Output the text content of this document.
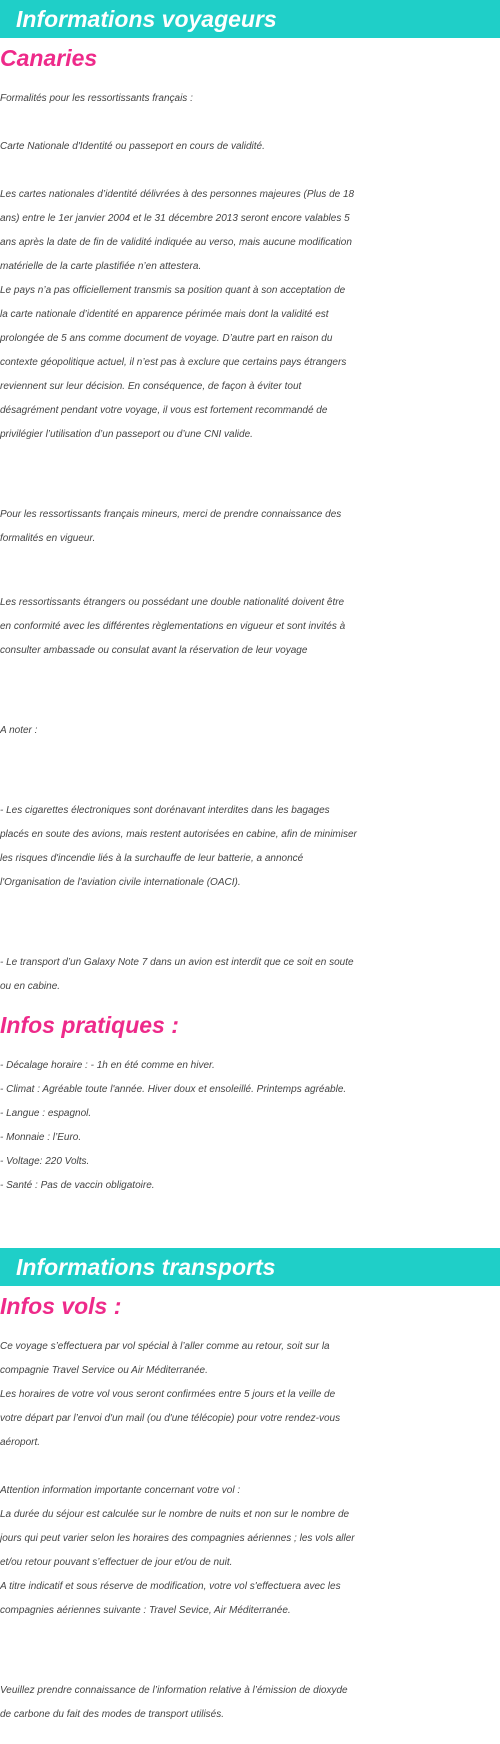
Informations voyageurs
Canaries

Formalités pour les ressortissants français :

Carte Nationale d'Identité ou passeport en cours de validité.

Les cartes nationales d’identité délivrées à des personnes majeures (Plus de 18
ans) entre le 1er janvier 2004 et le 31 décembre 2013 seront encore valables 5
ans après la date de fin de validité indiquée au verso, mais aucune modification
matérielle de la carte plastifiée n’en attestera.
Le pays n’a pas officiellement transmis sa position quant à son acceptation de
la carte nationale d’identité en apparence périmée mais dont la validité est
prolongée de 5 ans comme document de voyage. D’autre part en raison du
contexte géopolitique actuel, il n’est pas à exclure que certains pays étrangers
reviennent sur leur décision. En conséquence, de façon à éviter tout
désagrément pendant votre voyage, il vous est fortement recommandé de
privilégier l’utilisation d’un passeport ou d’une CNI valide.

Pour les ressortissants français mineurs, merci de prendre connaissance des
formalités en vigueur.

Les ressortissants étrangers ou possédant une double nationalité doivent être
en conformité avec les différentes règlementations en vigueur et sont invités à
consulter ambassade ou consulat avant la réservation de leur voyage

A noter :

- Les cigarettes électroniques sont dorénavant interdites dans les bagages
placés en soute des avions, mais restent autorisées en cabine, afin de minimiser
les risques d'incendie liés à la surchauffe de leur batterie, a annoncé
l'Organisation de l'aviation civile internationale (OACI).

- Le transport d’un Galaxy Note 7 dans un avion est interdit que ce soit en soute
ou en cabine.

Infos pratiques :

- Décalage horaire : - 1h en été comme en hiver.
- Climat : Agréable toute l'année. Hiver doux et ensoleillé. Printemps agréable.
- Langue : espagnol.
- Monnaie : l’Euro.
- Voltage: 220 Volts.
- Santé : Pas de vaccin obligatoire.

Informations transports
Infos vols :

Ce voyage s’effectuera par vol spécial à l’aller comme au retour, soit sur la
compagnie Travel Service ou Air Méditerranée.
Les horaires de votre vol vous seront confirmées entre 5 jours et la veille de
votre départ par l’envoi d'un mail (ou d'une télécopie) pour votre rendez-vous
aéroport.

Attention information importante concernant votre vol :
La durée du séjour est calculée sur le nombre de nuits et non sur le nombre de
jours qui peut varier selon les horaires des compagnies aériennes ; les vols aller
et/ou retour pouvant s’effectuer de jour et/ou de nuit.
A titre indicatif et sous réserve de modification, votre vol s'effectuera avec les
compagnies aériennes suivante : Travel Sevice, Air Méditerranée.

Veuillez prendre connaissance de l’information relative à l’émission de dioxyde
de carbone du fait des modes de transport utilisés.
